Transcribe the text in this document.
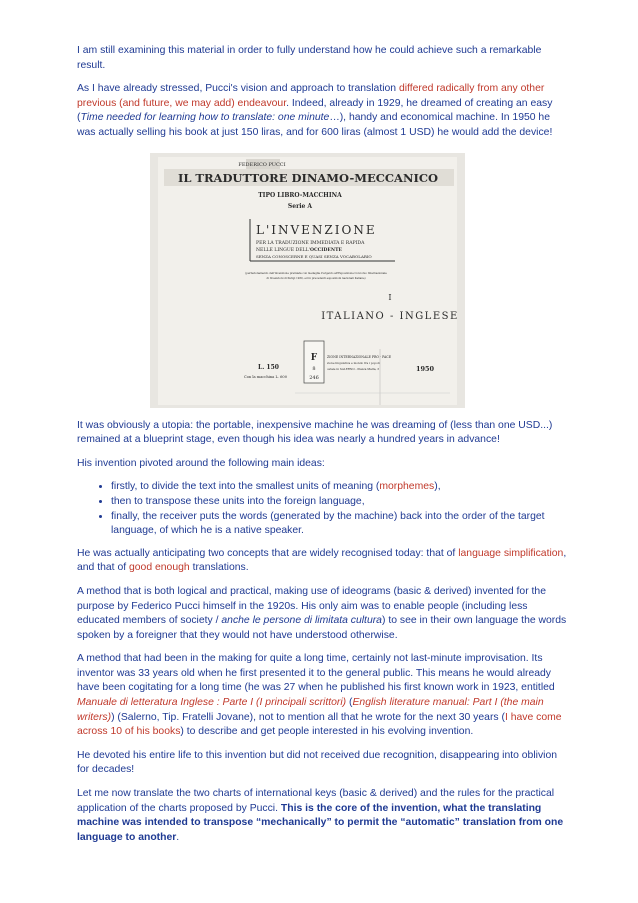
I am still examining this material in order to fully understand how he could achieve such a remarkable result.

As I have already stressed, Pucci's vision and approach to translation differed radically from any other previous (and future, we may add) endeavour. Indeed, already in 1929, he dreamed of creating an easy (Time needed for learning how to translate: one minute…), handy and economical machine. In 1950 he was actually selling his book at just 150 liras, and for 600 liras (almost 1 USD) he would add the device!

FEDERICO PUCCI
IL TRADUTTORE DINAMO-MECCANICO
TIPO LIBRO-MACCHINA
Serie A
L'INVENZIONE
PER LA TRADUZIONE IMMEDIATA E RAPIDA
NELLE LINGUE DELL'OCCIDENTE
SENZA CONOSCERNE E QUASI SENZA VOCABOLARIO
(perfezionamento dell'invenzione premiata con medaglia d'argento all'Esposizione Concorso Internazionale
di Invenzioni di Parigi 1930, ed in precedenti esposizioni nazionali italiane)
I
ITALIANO - INGLESE
L. 150
Con la macchina L. 600
F
8
246
ZIONE INTERNAZIONALE PRO - PACE
zione linguistica e mondo fra i popoli
ostale in SALERNO - Piazza Malta, 3	1950

It was obviously a utopia: the portable, inexpensive machine he was dreaming of (less than one USD...) remained at a blueprint stage, even though his idea was nearly a hundred years in advance!

His invention pivoted around the following main ideas:

• firstly, to divide the text into the smallest units of meaning (morphemes),
• then to transpose these units into the foreign language,
• finally, the receiver puts the words (generated by the machine) back into the order of the target language, of which he is a native speaker.

He was actually anticipating two concepts that are widely recognised today: that of language simplification, and that of good enough translations.

A method that is both logical and practical, making use of ideograms (basic & derived) invented for the purpose by Federico Pucci himself in the 1920s. His only aim was to enable people (including less educated members of society / anche le persone di limitata cultura) to see in their own language the words spoken by a foreigner that they would not have understood otherwise.

A method that had been in the making for quite a long time, certainly not last-minute improvisation. Its inventor was 33 years old when he first presented it to the general public. This means he would already have been cogitating for a long time (he was 27 when he published his first known work in 1923, entitled Manuale di letteratura Inglese : Parte I (I principali scrittori) (English literature manual: Part I (the main writers)) (Salerno, Tip. Fratelli Jovane), not to mention all that he wrote for the next 30 years (I have come across 10 of his books) to describe and get people interested in his evolving invention.

He devoted his entire life to this invention but did not received due recognition, disappearing into oblivion for decades!

Let me now translate the two charts of international keys (basic & derived) and the rules for the practical application of the charts proposed by Pucci. This is the core of the invention, what the translating machine was intended to transpose “mechanically” to permit the “automatic” translation from one language to another.
